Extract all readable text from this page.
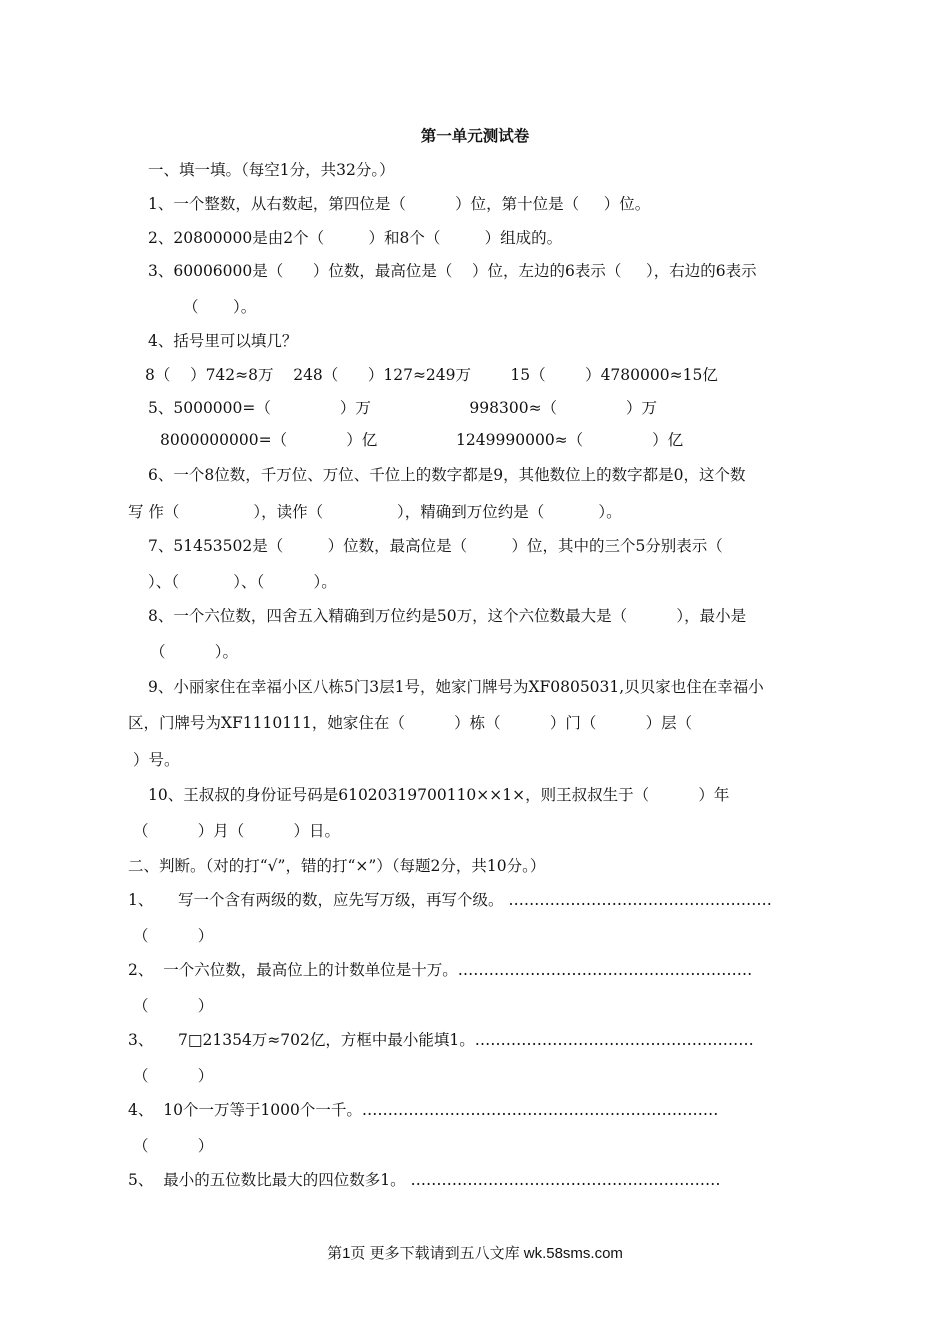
第一单元测试卷
一、填一填。（每空1分，共32分。）
1、一个整数，从右数起，第四位是（          ）位，第十位是（     ）位。
2、20800000是由2个（         ）和8个（         ）组成的。
3、60006000是（      ）位数，最高位是（    ）位，左边的6表示（     ），右边的6表示
（       ）。
4、括号里可以填几？
8（    ）742≈8万    248（      ）127≈249万        15（        ）4780000≈15亿
5、5000000=（              ）万                    998300≈（              ）万
8000000000=（            ）亿                1249990000≈（              ）亿
6、一个8位数，千万位、万位、千位上的数字都是9，其他数位上的数字都是0，这个数
写 作（               ），读作（               ），精确到万位约是（           ）。
7、51453502是（         ）位数，最高位是（         ）位，其中的三个5分别表示（
）、（           ）、（          ）。
8、一个六位数，四舍五入精确到万位约是50万，这个六位数最大是（          ），最小是
（          ）。
9、小丽家住在幸福小区八栋5门3层1号，她家门牌号为XF0805031,贝贝家也住在幸福小
区，门牌号为XF1110111，她家住在（          ）栋（          ）门（          ）层（
）号。
10、王叔叔的身份证号码是61020319700110××1×，则王叔叔生于（          ）年
（          ）月（          ）日。
二、判断。（对的打“√”，错的打“×”）（每题2分，共10分。）
1、     写一个含有两级的数，应先写万级，再写个级。 ……………………………………………
（          ）
2、  一个六位数，最高位上的计数单位是十万。…………………………………………………
（          ）
3、     7□21354万≈702亿，方框中最小能填1。………………………………………………
（          ）
4、  10个一万等于1000个一千。……………………………………………………………
（          ）
5、  最小的五位数比最大的四位数多1。 ……………………………………………………
第1页 更多下载请到五八文库 wk.58sms.com
